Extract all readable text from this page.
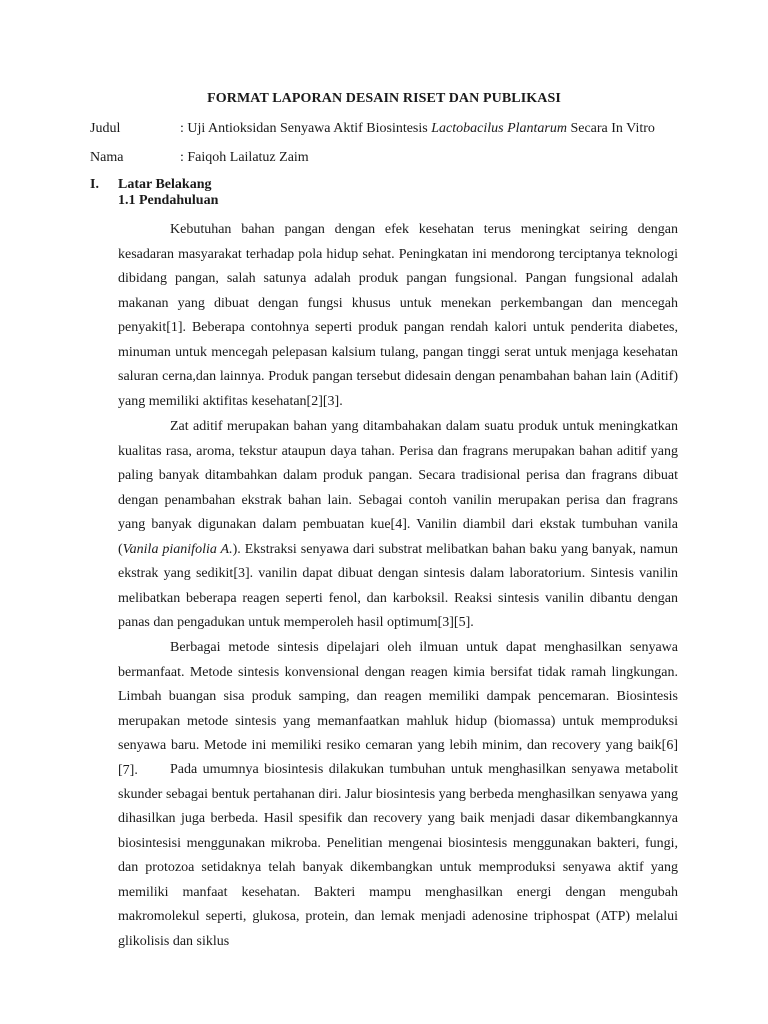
FORMAT LAPORAN DESAIN RISET DAN PUBLIKASI
Judul	: Uji Antioksidan Senyawa Aktif Biosintesis Lactobacilus Plantarum Secara In Vitro
Nama	: Faiqoh Lailatuz Zaim
I. Latar Belakang
1.1 Pendahuluan

Kebutuhan bahan pangan dengan efek kesehatan terus meningkat seiring dengan kesadaran masyarakat terhadap pola hidup sehat. Peningkatan ini mendorong terciptanya teknologi dibidang pangan, salah satunya adalah produk pangan fungsional. Pangan fungsional adalah makanan yang dibuat dengan fungsi khusus untuk menekan perkembangan dan mencegah penyakit[1]. Beberapa contohnya seperti produk pangan rendah kalori untuk penderita diabetes, minuman untuk mencegah pelepasan kalsium tulang, pangan tinggi serat untuk menjaga kesehatan saluran cerna,dan lainnya. Produk pangan tersebut didesain dengan penambahan bahan lain (Aditif) yang memiliki aktifitas kesehatan[2][3].

Zat aditif merupakan bahan yang ditambahakan dalam suatu produk untuk meningkatkan kualitas rasa, aroma, tekstur ataupun daya tahan. Perisa dan fragrans merupakan bahan aditif yang paling banyak ditambahkan dalam produk pangan. Secara tradisional perisa dan fragrans dibuat dengan penambahan ekstrak bahan lain. Sebagai contoh vanilin merupakan perisa dan fragrans yang banyak digunakan dalam pembuatan kue[4]. Vanilin diambil dari ekstak tumbuhan vanila (Vanila pianifolia A.). Ekstraksi senyawa dari substrat melibatkan bahan baku yang banyak, namun ekstrak yang sedikit[3]. vanilin dapat dibuat dengan sintesis dalam laboratorium. Sintesis vanilin melibatkan beberapa reagen seperti fenol, dan karboksil. Reaksi sintesis vanilin dibantu dengan panas dan pengadukan untuk memperoleh hasil optimum[3][5].

Berbagai metode sintesis dipelajari oleh ilmuan untuk dapat menghasilkan senyawa bermanfaat. Metode sintesis konvensional dengan reagen kimia bersifat tidak ramah lingkungan. Limbah buangan sisa produk samping, dan reagen memiliki dampak pencemaran. Biosintesis merupakan metode sintesis yang memanfaatkan mahluk hidup (biomassa) untuk memproduksi senyawa baru. Metode ini memiliki resiko cemaran yang lebih minim, dan recovery yang baik[6][7].	Pada umumnya biosintesis dilakukan tumbuhan untuk menghasilkan senyawa metabolit skunder sebagai bentuk pertahanan diri. Jalur biosintesis yang berbeda menghasilkan senyawa yang dihasilkan juga berbeda. Hasil spesifik dan recovery yang baik menjadi dasar dikembangkannya biosintesisi menggunakan mikroba. Penelitian mengenai biosintesis menggunakan bakteri, fungi, dan protozoa setidaknya telah banyak dikembangkan untuk memproduksi senyawa aktif yang memiliki manfaat kesehatan. Bakteri mampu menghasilkan energi dengan mengubah makromolekul seperti, glukosa, protein, dan lemak menjadi adenosine triphospat (ATP) melalui glikolisis dan siklus
